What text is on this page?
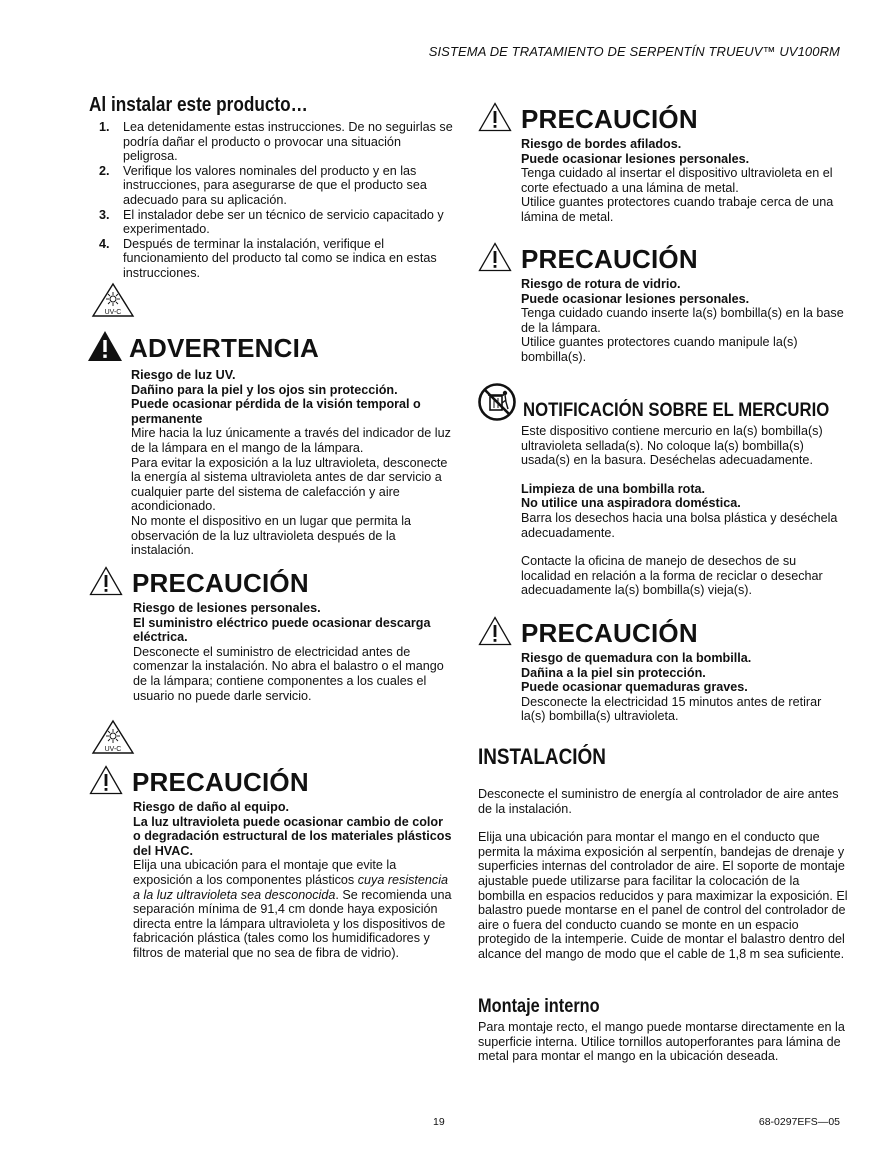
SISTEMA DE TRATAMIENTO DE SERPENTÍN TRUEUV™ UV100RM
Al instalar este producto…
1. Lea detenidamente estas instrucciones. De no seguirlas se podría dañar el producto o provocar una situación peligrosa.
2. Verifique los valores nominales del producto y en las instrucciones, para asegurarse de que el producto sea adecuado para su aplicación.
3. El instalador debe ser un técnico de servicio capacitado y experimentado.
4. Después de terminar la instalación, verifique el funcionamiento del producto tal como se indica en estas instrucciones.
UV-C
ADVERTENCIA

Riesgo de luz UV.

Dañino para la piel y los ojos sin protección.

Puede ocasionar pérdida de la visión temporal o permanente

Mire hacia la luz únicamente a través del indicador de luz de la lámpara en el mango de la lámpara.

Para evitar la exposición a la luz ultravioleta, desconecte la energía al sistema ultravioleta antes de dar servicio a cualquier parte del sistema de calefacción y aire acondicionado.

No monte el dispositivo en un lugar que permita la observación de la luz ultravioleta después de la instalación.

PRECAUCIÓN

Riesgo de lesiones personales.

El suministro eléctrico puede ocasionar descarga eléctrica.

Desconecte el suministro de electricidad antes de comenzar la instalación. No abra el balastro o el mango de la lámpara; contiene componentes a los cuales el usuario no puede darle servicio.

UV-C
PRECAUCIÓN

Riesgo de daño al equipo.

La luz ultravioleta puede ocasionar cambio de color o degradación estructural de los materiales plásticos del HVAC.

Elija una ubicación para el montaje que evite la exposición a los componentes plásticos cuya resistencia a la luz ultravioleta sea desconocida. Se recomienda una separación mínima de 91,4 cm donde haya exposición directa entre la lámpara ultravioleta y los dispositivos de fabricación plástica (tales como los humidificadores y filtros de material que no sea de fibra de vidrio).

PRECAUCIÓN

Riesgo de bordes afilados.

Puede ocasionar lesiones personales.

Tenga cuidado al insertar el dispositivo ultravioleta en el corte efectuado a una lámina de metal.

Utilice guantes protectores cuando trabaje cerca de una lámina de metal.

PRECAUCIÓN

Riesgo de rotura de vidrio.

Puede ocasionar lesiones personales.

Tenga cuidado cuando inserte la(s) bombilla(s) en la base de la lámpara.

Utilice guantes protectores cuando manipule la(s) bombilla(s).

NOTIFICACIÓN SOBRE EL MERCURIO

Este dispositivo contiene mercurio en la(s) bombilla(s) ultravioleta sellada(s). No coloque la(s) bombilla(s) usada(s) en la basura. Deséchelas adecuadamente.

Limpieza de una bombilla rota.

No utilice una aspiradora doméstica.

Barra los desechos hacia una bolsa plástica y deséchela adecuadamente.

Contacte la oficina de manejo de desechos de su localidad en relación a la forma de reciclar o desechar adecuadamente la(s) bombilla(s) vieja(s).

PRECAUCIÓN

Riesgo de quemadura con la bombilla.

Dañina a la piel sin protección.

Puede ocasionar quemaduras graves.

Desconecte la electricidad 15 minutos antes de retirar la(s) bombilla(s) ultravioleta.

INSTALACIÓN

Desconecte el suministro de energía al controlador de aire antes de la instalación.

Elija una ubicación para montar el mango en el conducto que permita la máxima exposición al serpentín, bandejas de drenaje y superficies internas del controlador de aire. El soporte de montaje ajustable puede utilizarse para facilitar la colocación de la bombilla en espacios reducidos y para maximizar la exposición. El balastro puede montarse en el panel de control del controlador de aire o fuera del conducto cuando se monte en un espacio protegido de la intemperie. Cuide de montar el balastro dentro del alcance del mango de modo que el cable de 1,8 m sea suficiente.

Montaje interno

Para montaje recto, el mango puede montarse directamente en la superficie interna. Utilice tornillos autoperforantes para lámina de metal para montar el mango en la ubicación deseada.

19	68-0297EFS—05
